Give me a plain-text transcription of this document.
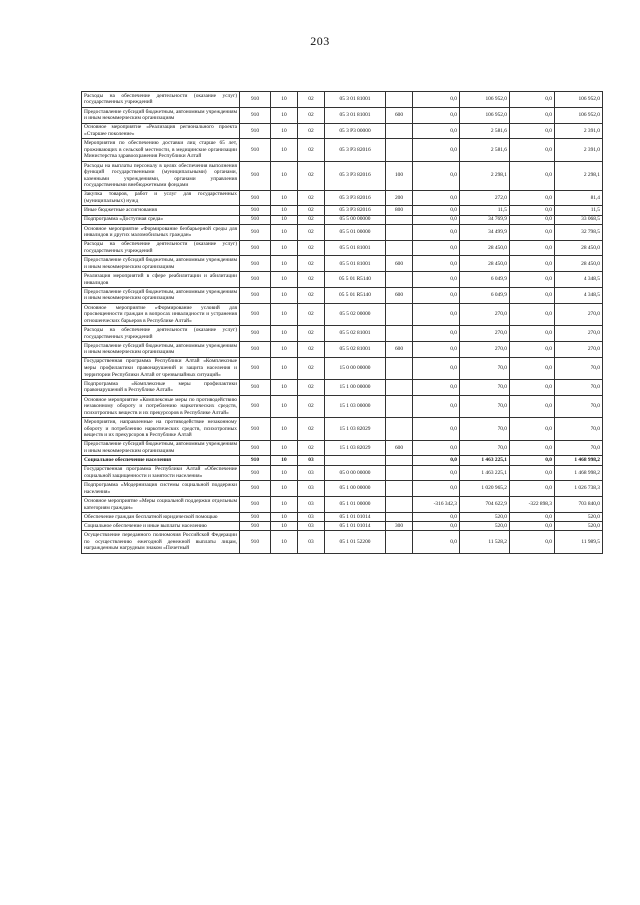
203
Расходы на обеспечение деятельности (оказание услуг) государственных учреждений	910	10	02	05 3 01 81001		0,0	106 952,0	0,0	106 952,0
Предоставление субсидий бюджетным, автономным учреждениям и иным некоммерческим организациям	910	10	02	05 3 01 81001	600	0,0	106 952,0	0,0	106 952,0
Основное мероприятие «Реализация регионального проекта «Старшее поколение»	910	10	02	05 3 P3 00000		0,0	2 581,6	0,0	2 391,0
Мероприятия по обеспечению доставки лиц старше 65 лет, проживающих в сельской местности, в медицинские организации Министерства здравоохранения Республики Алтай	910	10	02	05 3 P3 82016		0,0	2 581,6	0,0	2 391,0
Расходы на выплаты персоналу в целях обеспечения выполнения функций государственными (муниципальными) органами, казенными учреждениями, органами управления государственными внебюджетными фондами	910	10	02	05 3 P3 82016	100	0,0	2 298,1	0,0	2 298,1
Закупка товаров, работ и услуг для государственных (муниципальных) нужд	910	10	02	05 3 P3 82016	200	0,0	272,0	0,0	81,4
Иные бюджетные ассигнования	910	10	02	05 3 P3 82016	800	0,0	11,5	0,0	11,5
Подпрограмма «Доступная среда»	910	10	02	05 5 00 00000		0,0	34 769,9	0,0	33 068,5
Основное мероприятие «Формирование безбарьерной среды для инвалидов и других маломобильных граждан»	910	10	02	05 5 01 00000		0,0	34 499,9	0,0	32 798,5
Расходы на обеспечение деятельности (оказание услуг) государственных учреждений	910	10	02	05 5 01 81001		0,0	28 450,0	0,0	28 450,0
Предоставление субсидий бюджетным, автономным учреждениям и иным некоммерческим организациям	910	10	02	05 5 01 81001	600	0,0	28 450,0	0,0	28 450,0
Реализация мероприятий в сфере реабилитации и абилитации инвалидов	910	10	02	05 5 01 R5140		0,0	6 049,9	0,0	4 348,5
Предоставление субсидий бюджетным, автономным учреждениям и иным некоммерческим организациям	910	10	02	05 5 01 R5140	600	0,0	6 049,9	0,0	4 348,5
Основное мероприятие «Формирование условий для просвещенности граждан в вопросах инвалидности и устранения отношенческих барьеров в Республике Алтай»	910	10	02	05 5 02 00000		0,0	270,0	0,0	270,0
Расходы на обеспечение деятельности (оказание услуг) государственных учреждений	910	10	02	05 5 02 81001		0,0	270,0	0,0	270,0
Предоставление субсидий бюджетным, автономным учреждениям и иным некоммерческим организациям	910	10	02	05 5 02 81001	600	0,0	270,0	0,0	270,0
Государственная программа Республики Алтай «Комплексные меры профилактики правонарушений и защита населения и территории Республики Алтай от чрезвычайных ситуаций»	910	10	02	15 0 00 00000		0,0	70,0	0,0	70,0
Подпрограмма «Комплексные меры профилактики правонарушений в Республике Алтай»	910	10	02	15 1 00 00000		0,0	70,0	0,0	70,0
Основное мероприятие «Комплексные меры по противодействию незаконному обороту и потреблению наркотических средств, психотропных веществ и их прекурсоров в Республике Алтай»	910	10	02	15 1 03 00000		0,0	70,0	0,0	70,0
Мероприятия, направленные на противодействие незаконному обороту и потреблению наркотических средств, психотропных веществ и их прекурсоров в Республике Алтай	910	10	02	15 1 03 82029		0,0	70,0	0,0	70,0
Предоставление субсидий бюджетным, автономным учреждениям и иным некоммерческим организациям	910	10	02	15 1 03 82029	600	0,0	70,0	0,0	70,0
Социальное обеспечение населения	910	10	03			0,0	1 463 225,1	0,0	1 468 998,2
Государственная программа Республики Алтай «Обеспечение социальной защищенности и занятости населения»	910	10	03	05 0 00 00000		0,0	1 463 225,1	0,0	1 468 998,2
Подпрограмма «Модернизация системы социальной поддержки населения»	910	10	03	05 1 00 00000		0,0	1 020 965,2	0,0	1 026 738,3
Основное мероприятие «Меры социальной поддержки отдельным категориям граждан»	910	10	03	05 1 01 00000		-316 342,3	704 622,9	-322 898,3	703 840,0
Обеспечение граждан бесплатной юридической помощью	910	10	03	05 1 01 01014		0,0	520,0	0,0	520,0
Социальное обеспечение и иные выплаты населению	910	10	03	05 1 01 01014	300	0,0	520,0	0,0	520,0
Осуществление переданного полномочия Российской Федерации по осуществлению ежегодной денежной выплаты лицам, награжденным нагрудным знаком «Почетный	910	10	03	05 1 01 52200		0,0	11 528,2	0,0	11 989,5
